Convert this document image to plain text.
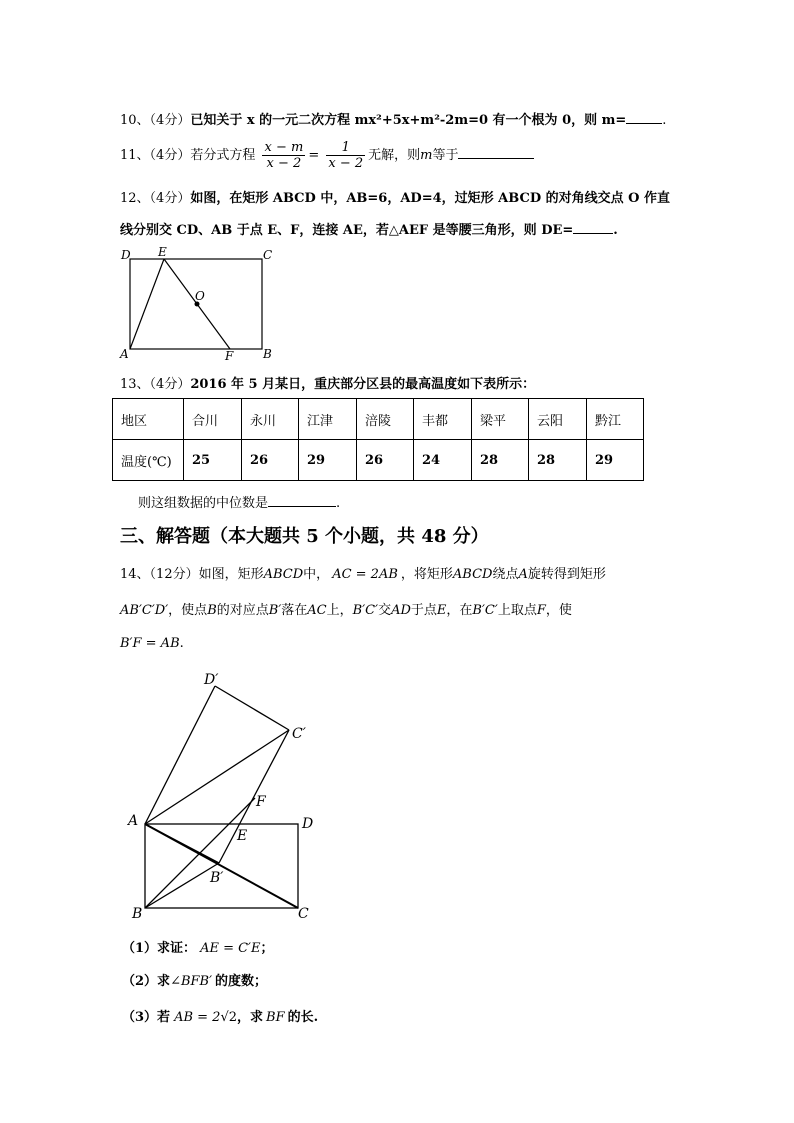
10、（4分）已知关于 x 的一元二次方程 mx²+5x+m²-2m=0 有一个根为 0，则 m=	.
11、（4分）若分式方程 $\frac{x - m}{x - 2} = \frac{1}{x - 2}$ 无解，则m等于
12、（4分）如图，在矩形 ABCD 中，AB=6，AD=4，过矩形 ABCD 的对角线交点 O 作直
线分别交 CD、AB 于点 E、F，连接 AE，若△AEF 是等腰三角形，则 DE=	.
D E	C
O
A	F B
13、（4分）2016 年 5 月某日，重庆部分区县的最高温度如下表所示：
地区	合川	永川	江津	涪陵	丰都	梁平	云阳	黔江
温度(℃)	25	26	29	26	24	28	28	29
则这组数据的中位数是	.
三、解答题（本大题共 5 个小题，共 48 分）
14、（12分）如图，矩形ABCD中， AC = 2AB ，将矩形ABCD绕点A旋转得到矩形
AB′C′D′，使点B的对应点B′落在AC上，B′C′交AD于点E，在B′C′上取点F，使
B′F = AB.
D′
C′
F
A	D
E
B′
B	C
（1）求证： AE = C′E；
（2）求∠BFB′ 的度数；
（3）若 AB = 2√2，求 BF 的长.
